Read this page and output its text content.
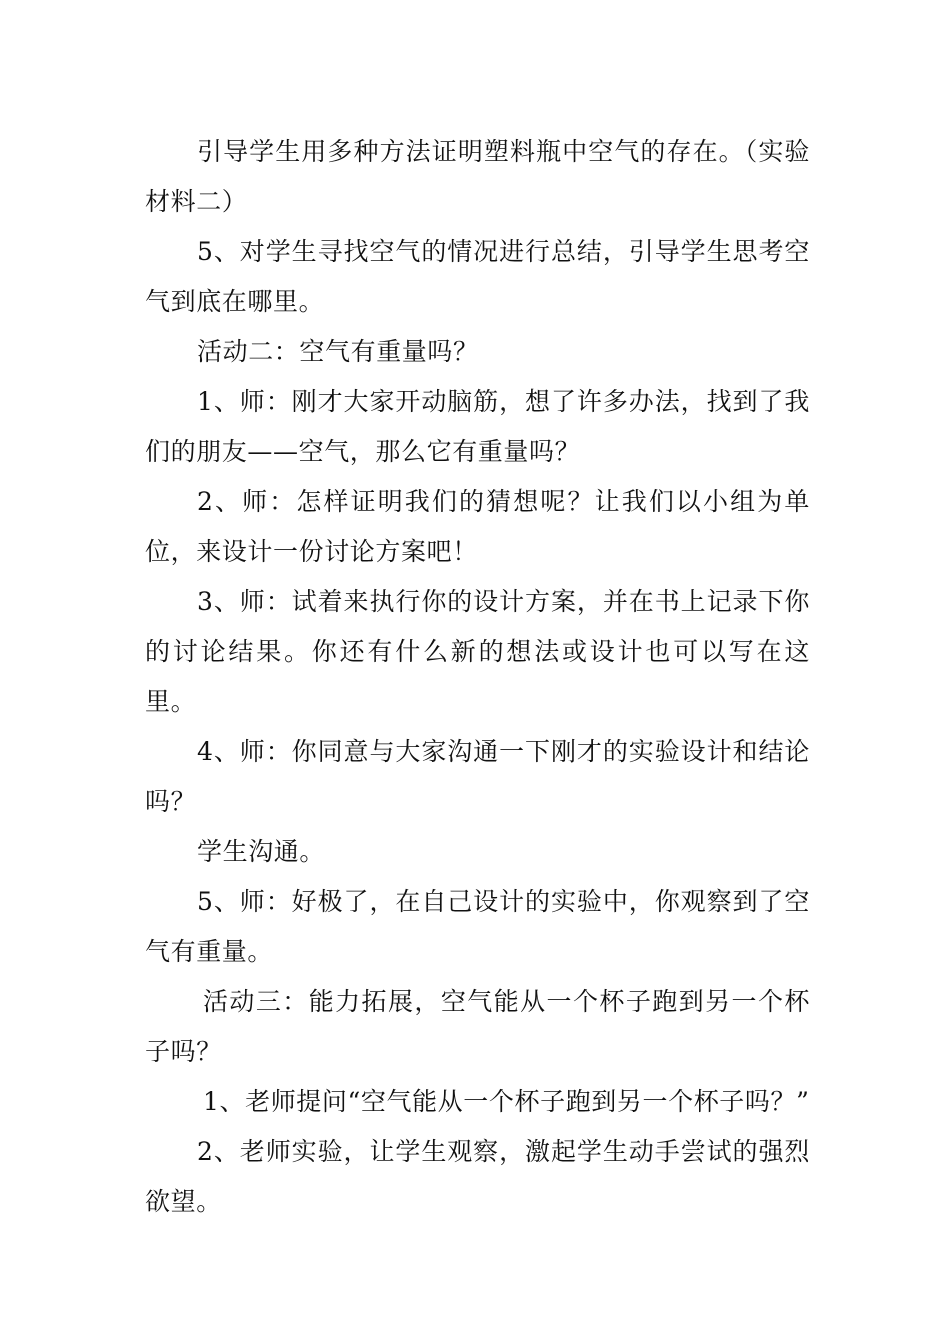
引导学生用多种方法证明塑料瓶中空气的存在。（实验材料二）

5、对学生寻找空气的情况进行总结，引导学生思考空气到底在哪里。

活动二：空气有重量吗？

1、师：刚才大家开动脑筋，想了许多办法，找到了我们的朋友——空气，那么它有重量吗？

2、师：怎样证明我们的猜想呢？让我们以小组为单位，来设计一份讨论方案吧！

3、师：试着来执行你的设计方案，并在书上记录下你的讨论结果。你还有什么新的想法或设计也可以写在这里。

4、师：你同意与大家沟通一下刚才的实验设计和结论吗？

学生沟通。

5、师：好极了，在自己设计的实验中，你观察到了空气有重量。

活动三：能力拓展，空气能从一个杯子跑到另一个杯子吗？

1、老师提问“空气能从一个杯子跑到另一个杯子吗？”

2、老师实验，让学生观察，激起学生动手尝试的强烈欲望。
